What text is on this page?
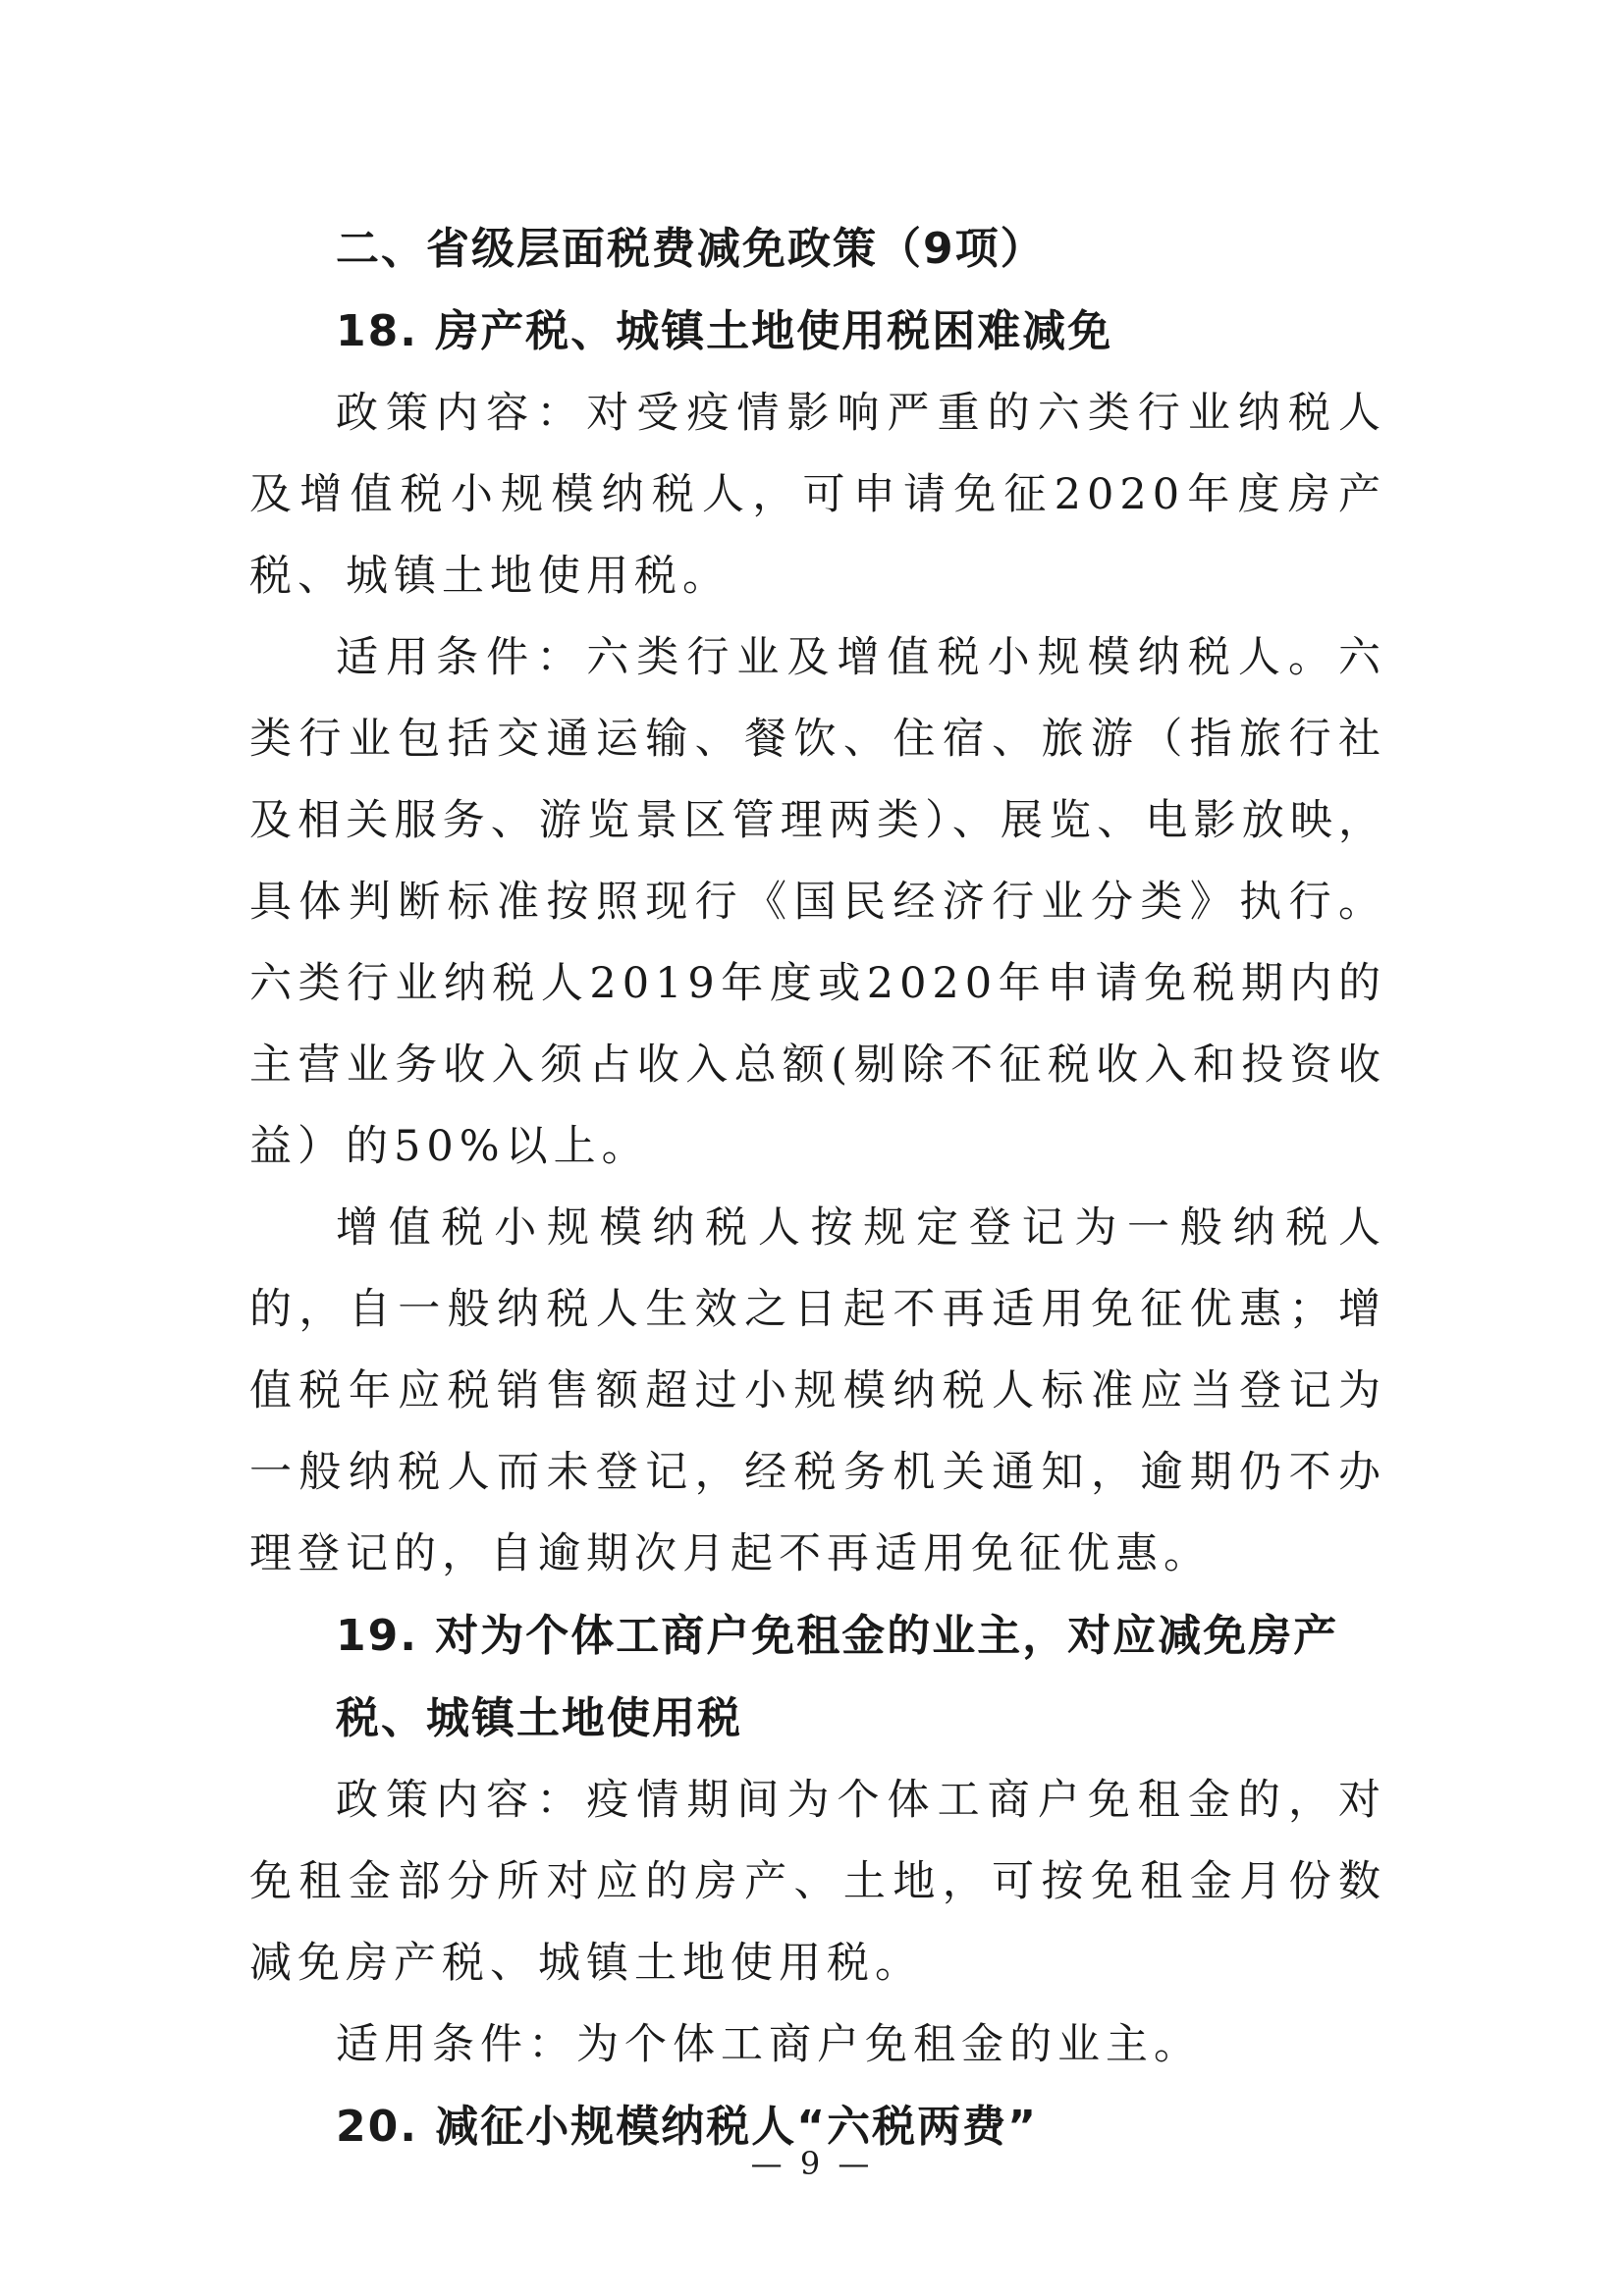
二、省级层面税费减免政策（9项）
18. 房产税、城镇土地使用税困难减免

政策内容：对受疫情影响严重的六类行业纳税人及增值税小规模纳税人，可申请免征2020年度房产税、城镇土地使用税。

适用条件：六类行业及增值税小规模纳税人。六类行业包括交通运输、餐饮、住宿、旅游（指旅行社及相关服务、游览景区管理两类）、展览、电影放映，具体判断标准按照现行《国民经济行业分类》执行。六类行业纳税人2019年度或2020年申请免税期内的主营业务收入须占收入总额(剔除不征税收入和投资收益）的50%以上。

增值税小规模纳税人按规定登记为一般纳税人的，自一般纳税人生效之日起不再适用免征优惠；增值税年应税销售额超过小规模纳税人标准应当登记为一般纳税人而未登记，经税务机关通知，逾期仍不办理登记的，自逾期次月起不再适用免征优惠。

19. 对为个体工商户免租金的业主，对应减免房产税、城镇土地使用税

政策内容：疫情期间为个体工商户免租金的，对免租金部分所对应的房产、土地，可按免租金月份数减免房产税、城镇土地使用税。

适用条件：为个体工商户免租金的业主。

20. 减征小规模纳税人“六税两费”
— 9 —
